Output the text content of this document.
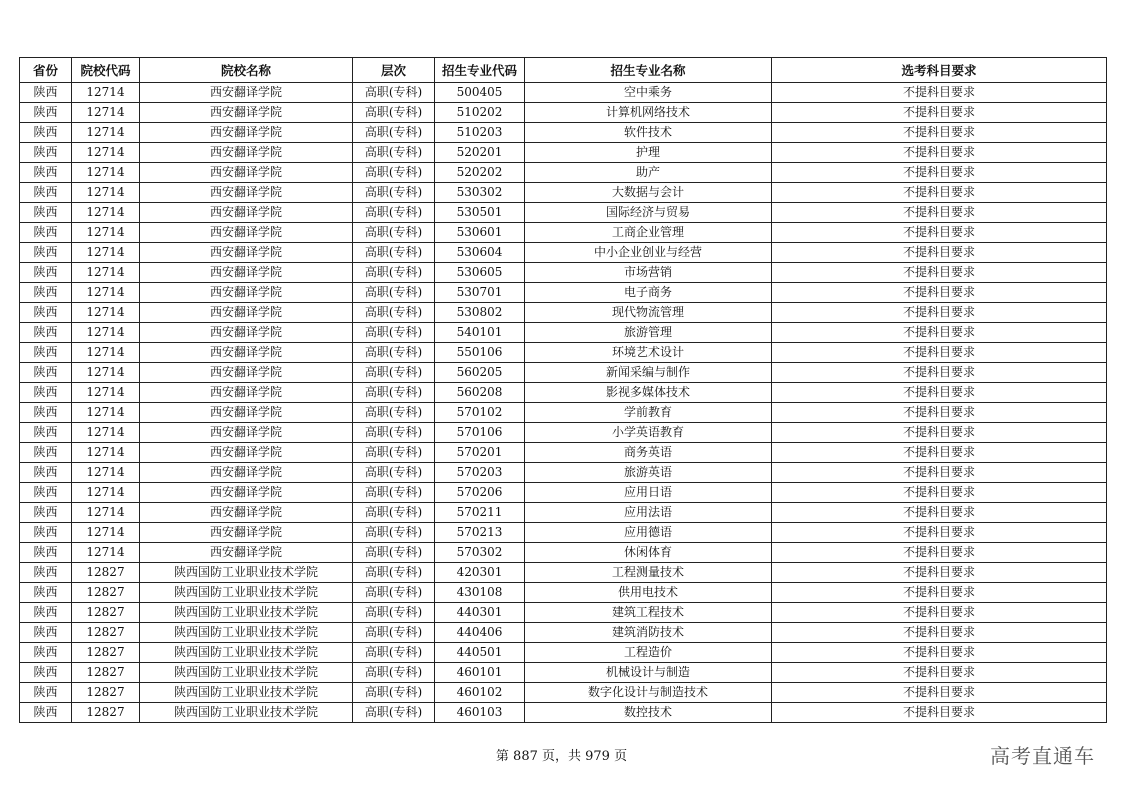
省份	院校代码	院校名称	层次	招生专业代码	招生专业名称	选考科目要求
陕西	12714	西安翻译学院	高职(专科)	500405	空中乘务	不提科目要求
陕西	12714	西安翻译学院	高职(专科)	510202	计算机网络技术	不提科目要求
陕西	12714	西安翻译学院	高职(专科)	510203	软件技术	不提科目要求
陕西	12714	西安翻译学院	高职(专科)	520201	护理	不提科目要求
陕西	12714	西安翻译学院	高职(专科)	520202	助产	不提科目要求
陕西	12714	西安翻译学院	高职(专科)	530302	大数据与会计	不提科目要求
陕西	12714	西安翻译学院	高职(专科)	530501	国际经济与贸易	不提科目要求
陕西	12714	西安翻译学院	高职(专科)	530601	工商企业管理	不提科目要求
陕西	12714	西安翻译学院	高职(专科)	530604	中小企业创业与经营	不提科目要求
陕西	12714	西安翻译学院	高职(专科)	530605	市场营销	不提科目要求
陕西	12714	西安翻译学院	高职(专科)	530701	电子商务	不提科目要求
陕西	12714	西安翻译学院	高职(专科)	530802	现代物流管理	不提科目要求
陕西	12714	西安翻译学院	高职(专科)	540101	旅游管理	不提科目要求
陕西	12714	西安翻译学院	高职(专科)	550106	环境艺术设计	不提科目要求
陕西	12714	西安翻译学院	高职(专科)	560205	新闻采编与制作	不提科目要求
陕西	12714	西安翻译学院	高职(专科)	560208	影视多媒体技术	不提科目要求
陕西	12714	西安翻译学院	高职(专科)	570102	学前教育	不提科目要求
陕西	12714	西安翻译学院	高职(专科)	570106	小学英语教育	不提科目要求
陕西	12714	西安翻译学院	高职(专科)	570201	商务英语	不提科目要求
陕西	12714	西安翻译学院	高职(专科)	570203	旅游英语	不提科目要求
陕西	12714	西安翻译学院	高职(专科)	570206	应用日语	不提科目要求
陕西	12714	西安翻译学院	高职(专科)	570211	应用法语	不提科目要求
陕西	12714	西安翻译学院	高职(专科)	570213	应用德语	不提科目要求
陕西	12714	西安翻译学院	高职(专科)	570302	休闲体育	不提科目要求
陕西	12827	陕西国防工业职业技术学院	高职(专科)	420301	工程测量技术	不提科目要求
陕西	12827	陕西国防工业职业技术学院	高职(专科)	430108	供用电技术	不提科目要求
陕西	12827	陕西国防工业职业技术学院	高职(专科)	440301	建筑工程技术	不提科目要求
陕西	12827	陕西国防工业职业技术学院	高职(专科)	440406	建筑消防技术	不提科目要求
陕西	12827	陕西国防工业职业技术学院	高职(专科)	440501	工程造价	不提科目要求
陕西	12827	陕西国防工业职业技术学院	高职(专科)	460101	机械设计与制造	不提科目要求
陕西	12827	陕西国防工业职业技术学院	高职(专科)	460102	数字化设计与制造技术	不提科目要求
陕西	12827	陕西国防工业职业技术学院	高职(专科)	460103	数控技术	不提科目要求
第 887 页，共 979 页	高考直通车
